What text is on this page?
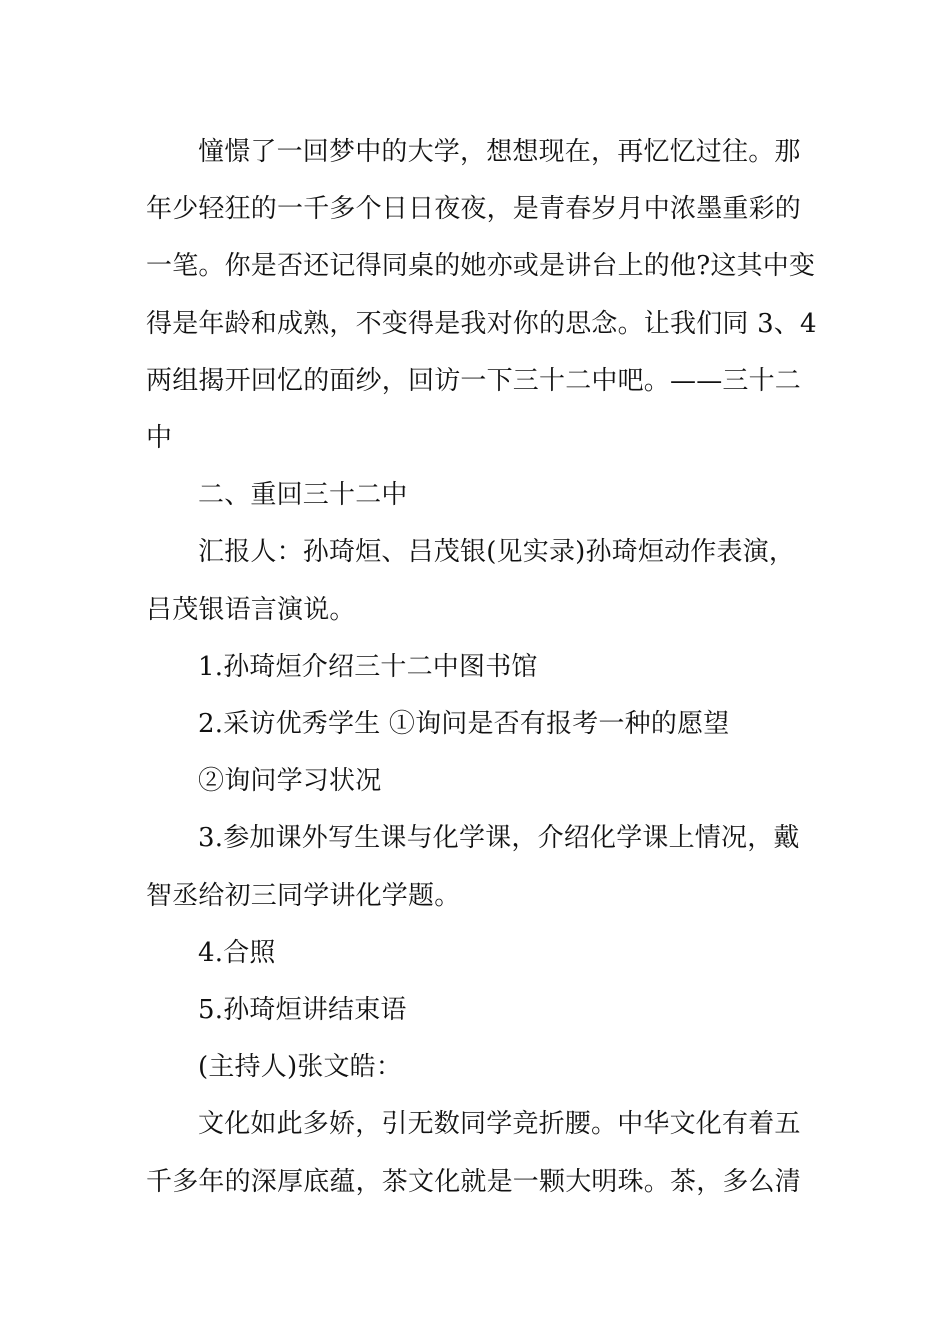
憧憬了一回梦中的大学，想想现在，再忆忆过往。那
年少轻狂的一千多个日日夜夜，是青春岁月中浓墨重彩的
一笔。你是否还记得同桌的她亦或是讲台上的他?这其中变
得是年龄和成熟，不变得是我对你的思念。让我们同 3、4
两组揭开回忆的面纱，回访一下三十二中吧。——三十二
中

二、重回三十二中

汇报人：孙琦烜、吕茂银(见实录)孙琦烜动作表演，
吕茂银语言演说。

1.孙琦烜介绍三十二中图书馆

2.采访优秀学生 ①询问是否有报考一种的愿望

②询问学习状况

3.参加课外写生课与化学课，介绍化学课上情况，戴
智丞给初三同学讲化学题。

4.合照

5.孙琦烜讲结束语

(主持人)张文皓：

文化如此多娇，引无数同学竞折腰。中华文化有着五
千多年的深厚底蕴，茶文化就是一颗大明珠。茶，多么清
